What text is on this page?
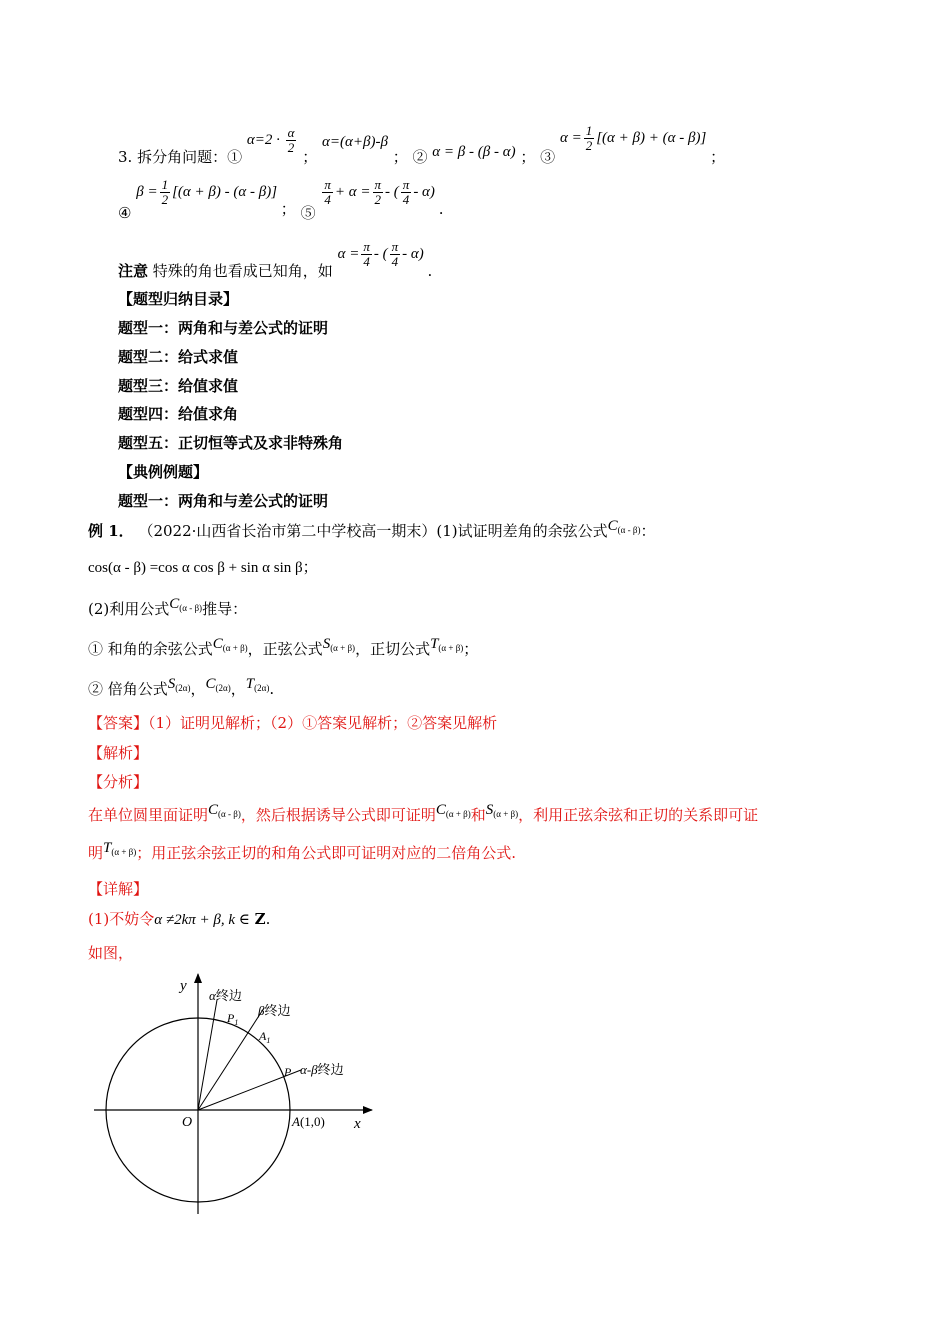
3. 拆分角问题：① $\alpha=2 \cdot \frac{\alpha}{2}$
； α=(α+β)-β ； ② α = β - (β - α) ； ③ $\alpha = \frac{1}{2} [(\alpha + \beta) + (\alpha - \beta)]$ ；
④ $\beta = \frac{1}{2} [(\alpha + \beta) - (\alpha - \beta)]$ ； ⑤
$\frac{\pi}{4} + \alpha = \frac{\pi}{2}$ - ( $\frac{\pi}{4} - \alpha$) .
注意 特殊的角也看成已知角，如 $\alpha = \frac{\pi}{4}$ - ( $\frac{\pi}{4} - \alpha$) .
【题型归纳目录】
题型一：两角和与差公式的证明
题型二：给式求值
题型三：给值求值
题型四：给值求角
题型五：正切恒等式及求非特殊角
【典例例题】
题型一：两角和与差公式的证明
例 1． （2022·山西省长治市第二中学校高一期末）(1)试证明差角的余弦公式$C_{(\alpha - \beta)}$：
cos(α - β) =cos α cos β + sin α sin β；
(2)利用公式$C_{(\alpha - \beta)}$推导：
① 和角的余弦公式$C_{(\alpha + \beta)}$，正弦公式$S_{(\alpha + \beta)}$，正切公式$T_{(\alpha + \beta)}$；
② 倍角公式$S_{(2\alpha)}$，$C_{(2\alpha)}$，$T_{(2\alpha)}$.
【答案】（1）证明见解析；（2）①答案见解析；②答案见解析
【解析】
【分析】
在单位圆里面证明$C_{(\alpha - \beta)}$，然后根据诱导公式即可证明$C_{(\alpha + \beta)}$和$S_{(\alpha + \beta)}$，利用正弦余弦和正切的关系即可证
明$T_{(\alpha + \beta)}$；用正弦余弦正切的和角公式即可证明对应的二倍角公式.
【详解】
(1)不妨令α ≠2kπ + β, k ∈ Z.
如图，
y
x
O
α终边
β终边
α-β终边
$P_1$
$A_1$
P
A(1,0)
